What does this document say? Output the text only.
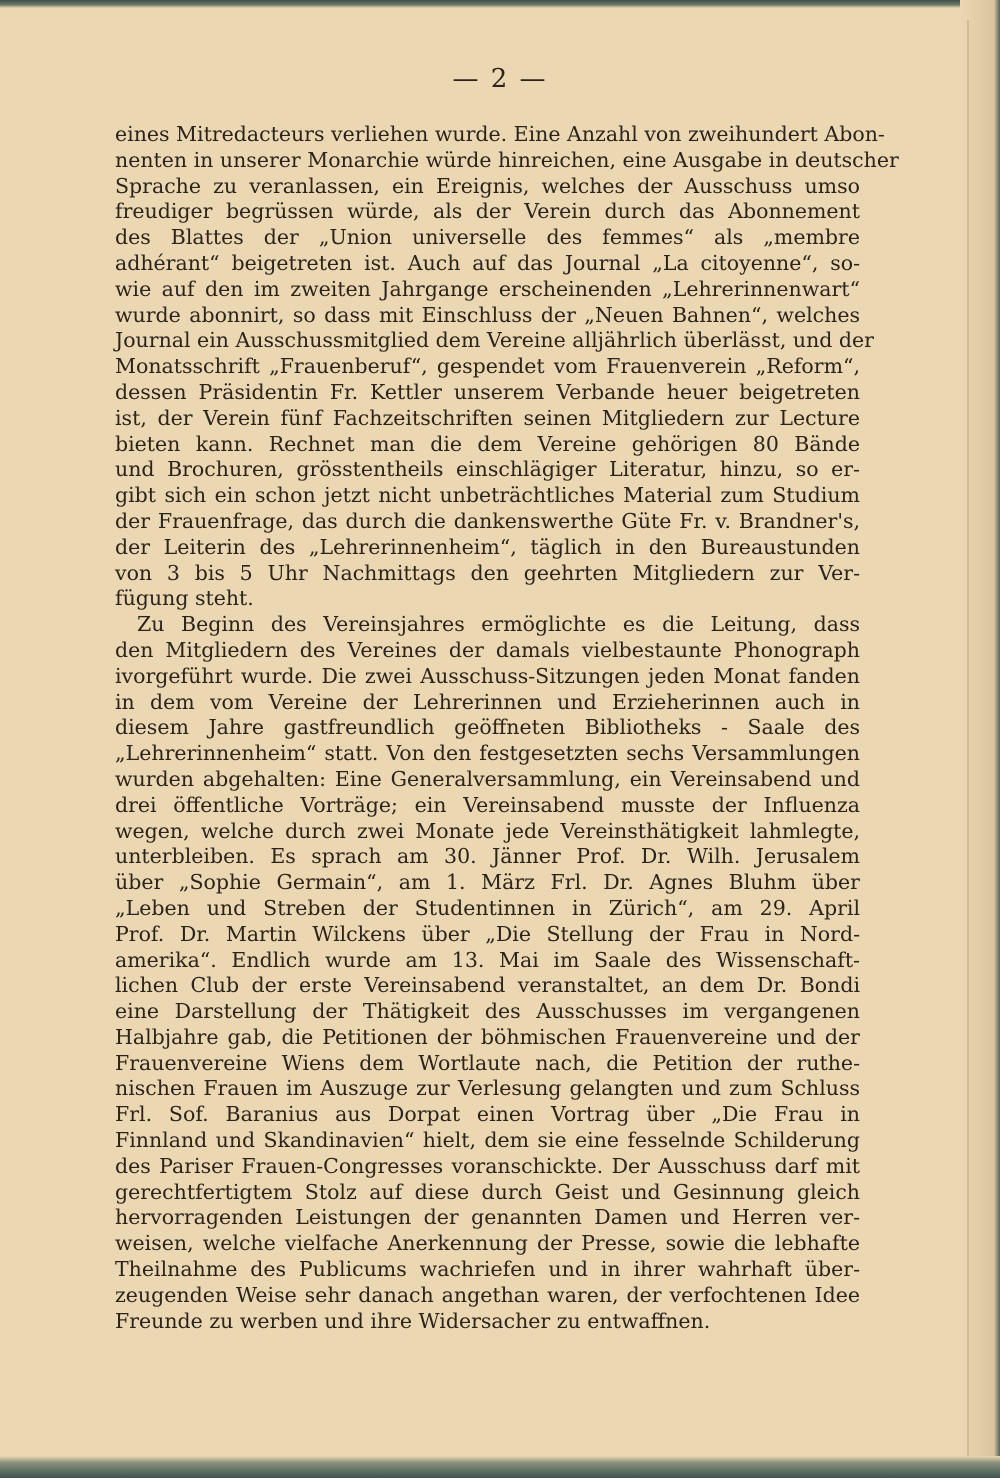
— 2 —
eines Mitredacteurs verliehen wurde. Eine Anzahl von zweihundert Abon-
nenten in unserer Monarchie würde hinreichen, eine Ausgabe in deutscher
Sprache zu veranlassen, ein Ereignis, welches der Ausschuss umso
freudiger begrüssen würde, als der Verein durch das Abonnement
des Blattes der „Union universelle des femmes“ als „membre
adhérant“ beigetreten ist. Auch auf das Journal „La citoyenne“, so-
wie auf den im zweiten Jahrgange erscheinenden „Lehrerinnenwart“
wurde abonnirt, so dass mit Einschluss der „Neuen Bahnen“, welches
Journal ein Ausschussmitglied dem Vereine alljährlich überlässt, und der
Monatsschrift „Frauenberuf“, gespendet vom Frauenverein „Reform“,
dessen Präsidentin Fr. Kettler unserem Verbande heuer beigetreten
ist, der Verein fünf Fachzeitschriften seinen Mitgliedern zur Lecture
bieten kann. Rechnet man die dem Vereine gehörigen 80 Bände
und Brochuren, grösstentheils einschlägiger Literatur, hinzu, so er-
gibt sich ein schon jetzt nicht unbeträchtliches Material zum Studium
der Frauenfrage, das durch die dankenswerthe Güte Fr. v. Brandner's,
der Leiterin des „Lehrerinnenheim“, täglich in den Bureaustunden
von 3 bis 5 Uhr Nachmittags den geehrten Mitgliedern zur Ver-
fügung steht.
Zu Beginn des Vereinsjahres ermöglichte es die Leitung, dass
den Mitgliedern des Vereines der damals vielbestaunte Phonograph
ivorgeführt wurde. Die zwei Ausschuss-Sitzungen jeden Monat fanden
in dem vom Vereine der Lehrerinnen und Erzieherinnen auch in
diesem Jahre gastfreundlich geöffneten Bibliotheks - Saale des
„Lehrerinnenheim“ statt. Von den festgesetzten sechs Versammlungen
wurden abgehalten: Eine Generalversammlung, ein Vereinsabend und
drei öffentliche Vorträge; ein Vereinsabend musste der Influenza
wegen, welche durch zwei Monate jede Vereinsthätigkeit lahmlegte,
unterbleiben. Es sprach am 30. Jänner Prof. Dr. Wilh. Jerusalem
über „Sophie Germain“, am 1. März Frl. Dr. Agnes Bluhm über
„Leben und Streben der Studentinnen in Zürich“, am 29. April
Prof. Dr. Martin Wilckens über „Die Stellung der Frau in Nord-
amerika“. Endlich wurde am 13. Mai im Saale des Wissenschaft-
lichen Club der erste Vereinsabend veranstaltet, an dem Dr. Bondi
eine Darstellung der Thätigkeit des Ausschusses im vergangenen
Halbjahre gab, die Petitionen der böhmischen Frauenvereine und der
Frauenvereine Wiens dem Wortlaute nach, die Petition der ruthe-
nischen Frauen im Auszuge zur Verlesung gelangten und zum Schluss
Frl. Sof. Baranius aus Dorpat einen Vortrag über „Die Frau in
Finnland und Skandinavien“ hielt, dem sie eine fesselnde Schilderung
des Pariser Frauen-Congresses voranschickte. Der Ausschuss darf mit
gerechtfertigtem Stolz auf diese durch Geist und Gesinnung gleich
hervorragenden Leistungen der genannten Damen und Herren ver-
weisen, welche vielfache Anerkennung der Presse, sowie die lebhafte
Theilnahme des Publicums wachriefen und in ihrer wahrhaft über-
zeugenden Weise sehr danach angethan waren, der verfochtenen Idee
Freunde zu werben und ihre Widersacher zu entwaffnen.
